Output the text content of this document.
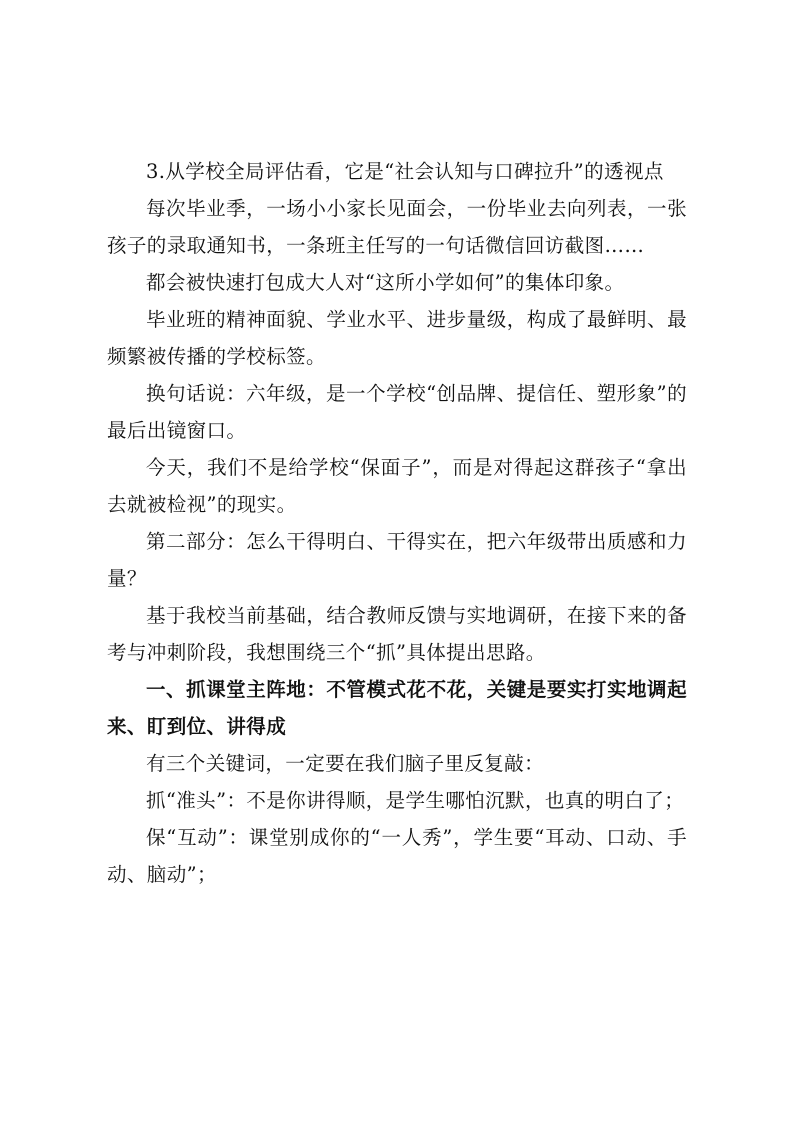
3.从学校全局评估看，它是“社会认知与口碑拉升”的透视点

每次毕业季，一场小小家长见面会，一份毕业去向列表，一张孩子的录取通知书，一条班主任写的一句话微信回访截图……

都会被快速打包成大人对“这所小学如何”的集体印象。

毕业班的精神面貌、学业水平、进步量级，构成了最鲜明、最频繁被传播的学校标签。

换句话说：六年级，是一个学校“创品牌、提信任、塑形象”的最后出镜窗口。

今天，我们不是给学校“保面子”，而是对得起这群孩子“拿出去就被检视”的现实。

第二部分：怎么干得明白、干得实在，把六年级带出质感和力量？

基于我校当前基础，结合教师反馈与实地调研，在接下来的备考与冲刺阶段，我想围绕三个“抓”具体提出思路。

一、抓课堂主阵地：不管模式花不花，关键是要实打实地调起来、盯到位、讲得成

有三个关键词，一定要在我们脑子里反复敲：

抓“准头”：不是你讲得顺，是学生哪怕沉默，也真的明白了；

保“互动”：课堂别成你的“一人秀”，学生要“耳动、口动、手动、脑动”；
